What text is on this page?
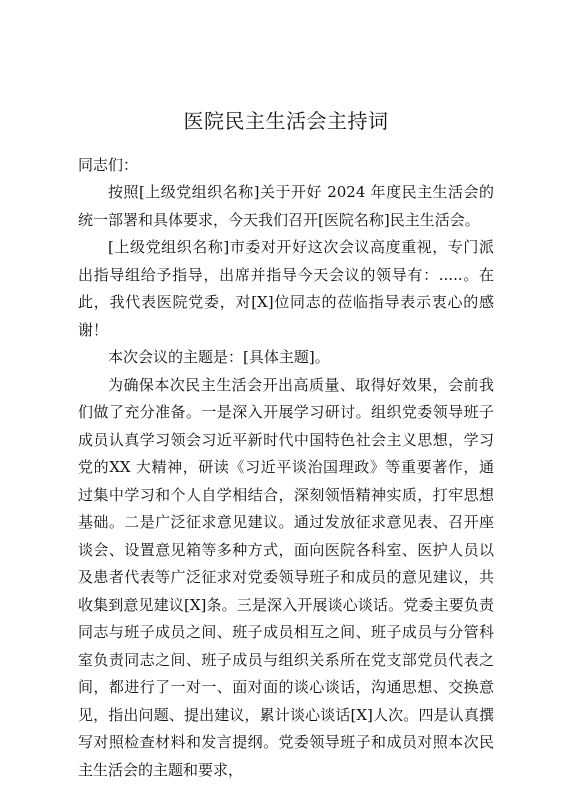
医院民主生活会主持词

同志们：

按照[上级党组织名称]关于开好 2024 年度民主生活会的统一部署和具体要求，今天我们召开[医院名称]民主生活会。

[上级党组织名称]市委对开好这次会议高度重视，专门派出指导组给予指导，出席并指导今天会议的领导有：.....。在此，我代表医院党委，对[X]位同志的莅临指导表示衷心的感谢！

本次会议的主题是：[具体主题]。

为确保本次民主生活会开出高质量、取得好效果，会前我们做了充分准备。一是深入开展学习研讨。组织党委领导班子成员认真学习领会习近平新时代中国特色社会主义思想，学习党的XX 大精神，研读《习近平谈治国理政》等重要著作，通过集中学习和个人自学相结合，深刻领悟精神实质，打牢思想基础。二是广泛征求意见建议。通过发放征求意见表、召开座谈会、设置意见箱等多种方式，面向医院各科室、医护人员以及患者代表等广泛征求对党委领导班子和成员的意见建议，共收集到意见建议[X]条。三是深入开展谈心谈话。党委主要负责同志与班子成员之间、班子成员相互之间、班子成员与分管科室负责同志之间、班子成员与组织关系所在党支部党员代表之间，都进行了一对一、面对面的谈心谈话，沟通思想、交换意见，指出问题、提出建议，累计谈心谈话[X]人次。四是认真撰写对照检查材料和发言提纲。党委领导班子和成员对照本次民主生活会的主题和要求，
